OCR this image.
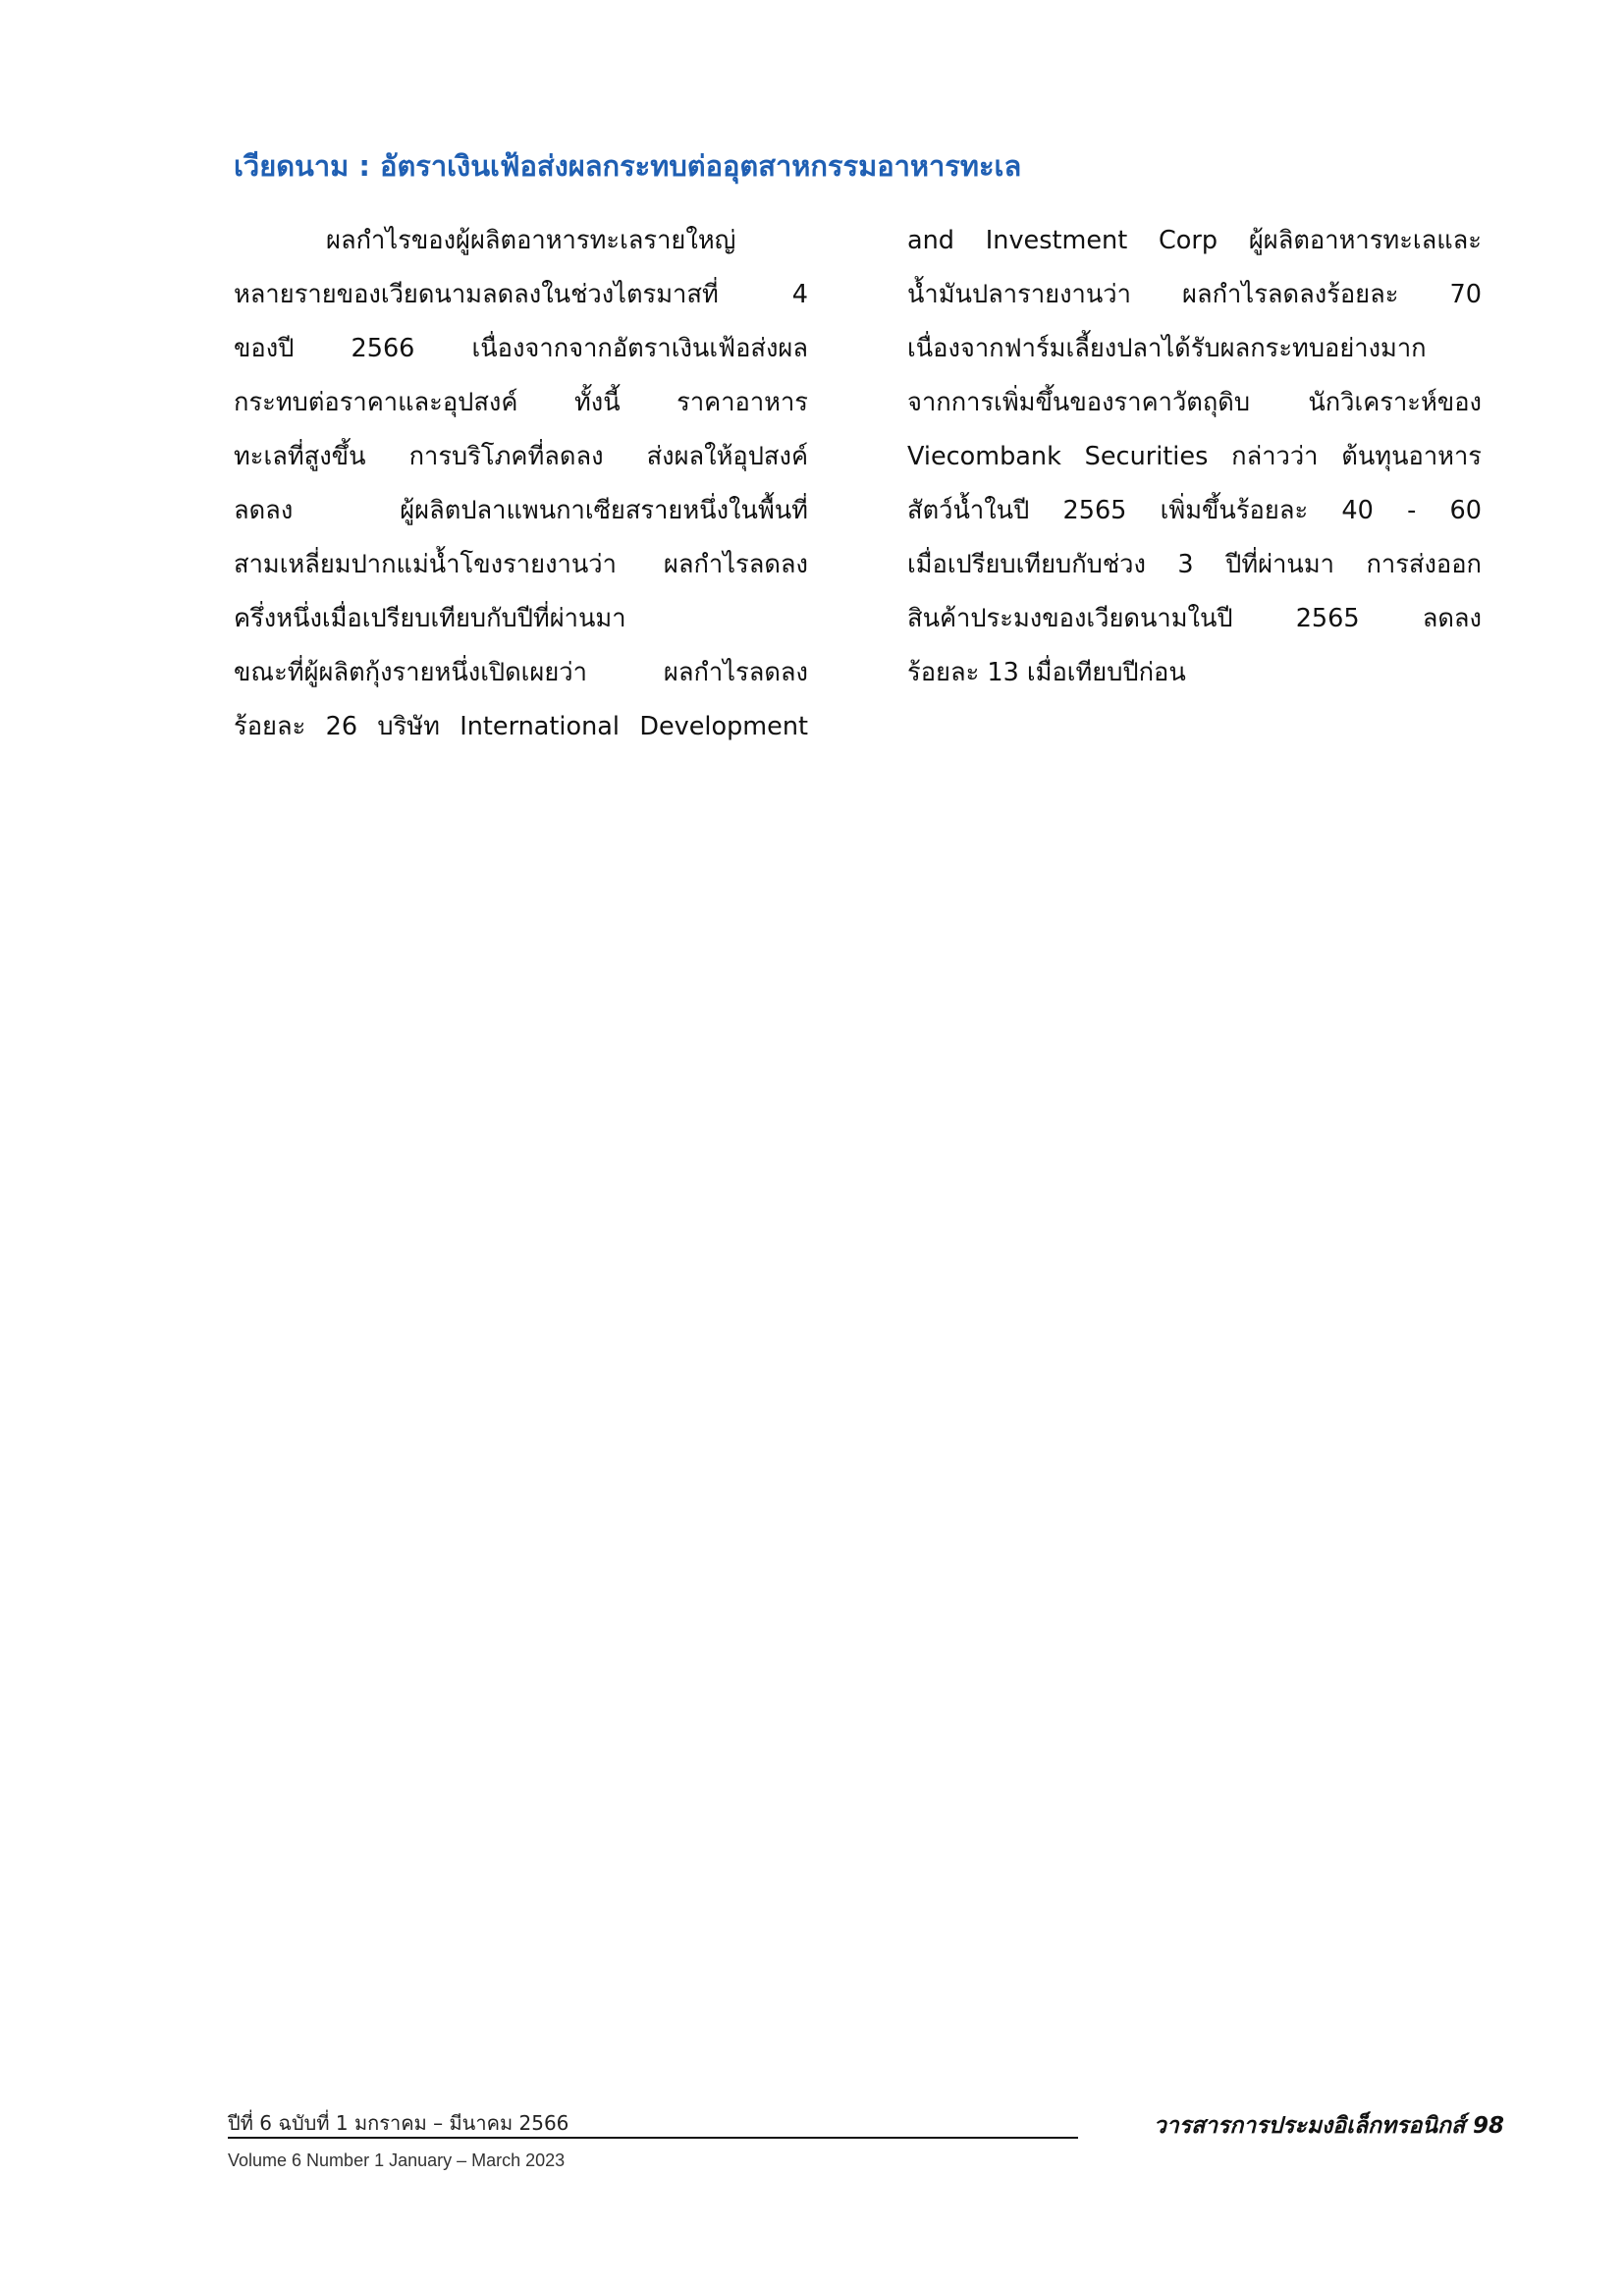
เวียดนาม : อัตราเงินเฟ้อส่งผลกระทบต่ออุตสาหกรรมอาหารทะเล
ผลกำไรของผู้ผลิตอาหารทะเลรายใหญ่
หลายรายของเวียดนามลดลงในช่วงไตรมาสที่ 4
ของปี 2566 เนื่องจากจากอัตราเงินเฟ้อส่งผล
กระทบต่อราคาและอุปสงค์ ทั้งนี้ ราคาอาหาร
ทะเลที่สูงขึ้น การบริโภคที่ลดลง ส่งผลให้อุปสงค์
ลดลง ผู้ผลิตปลาแพนกาเซียสรายหนึ่งในพื้นที่
สามเหลี่ยมปากแม่น้ำโขงรายงานว่า ผลกำไรลดลง
ครึ่งหนึ่งเมื่อเปรียบเทียบกับปีที่ผ่านมา
ขณะที่ผู้ผลิตกุ้งรายหนึ่งเปิดเผยว่า ผลกำไรลดลง
ร้อยละ 26 บริษัท International Development
and Investment Corp ผู้ผลิตอาหารทะเลและ
น้ำมันปลารายงานว่า ผลกำไรลดลงร้อยละ 70
เนื่องจากฟาร์มเลี้ยงปลาได้รับผลกระทบอย่างมาก
จากการเพิ่มขึ้นของราคาวัตถุดิบ นักวิเคราะห์ของ
Viecombank Securities กล่าวว่า ต้นทุนอาหาร
สัตว์น้ำในปี 2565 เพิ่มขึ้นร้อยละ 40 - 60
เมื่อเปรียบเทียบกับช่วง 3 ปีที่ผ่านมา การส่งออก
สินค้าประมงของเวียดนามในปี 2565 ลดลง
ร้อยละ 13 เมื่อเทียบปีก่อน
ปีที่ 6 ฉบับที่ 1 มกราคม – มีนาคม 2566	วารสารการประมงอิเล็กทรอนิกส์ 98
Volume 6 Number 1 January – March 2023
